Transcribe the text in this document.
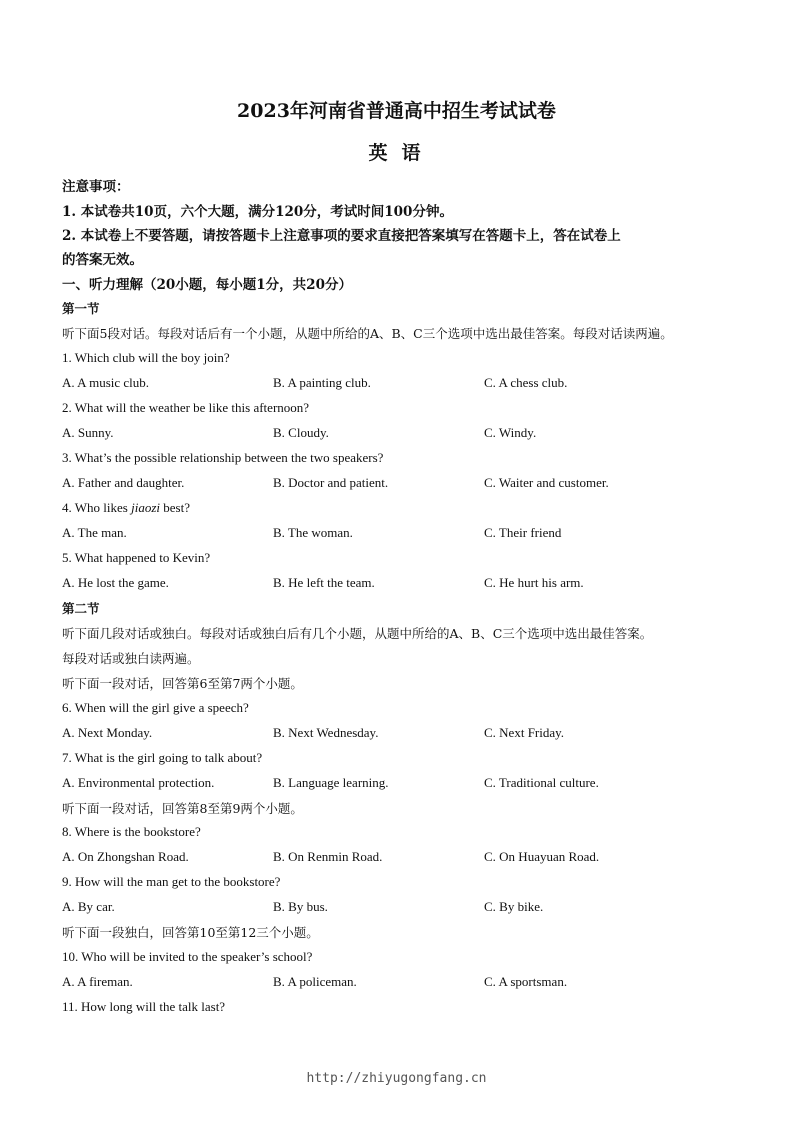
2023年河南省普通高中招生考试试卷
英语
注意事项：
1. 本试卷共10页，六个大题，满分120分，考试时间100分钟。
2. 本试卷上不要答题，请按答题卡上注意事项的要求直接把答案填写在答题卡上，答在试卷上
的答案无效。
一、听力理解（20小题，每小题1分，共20分）
第一节
听下面5段对话。每段对话后有一个小题，从题中所给的A、B、C三个选项中选出最佳答案。每段对话读两遍。
1. Which club will the boy join?
A. A music club.	B. A painting club.	C. A chess club.
2. What will the weather be like this afternoon?
A. Sunny.	B. Cloudy.	C. Windy.
3. What’s the possible relationship between the two speakers?
A. Father and daughter.	B. Doctor and patient.	C. Waiter and customer.
4. Who likes jiaozi best?
A. The man.	B. The woman.	C. Their friend
5. What happened to Kevin?
A. He lost the game.	B. He left the team.	C. He hurt his arm.
第二节
听下面几段对话或独白。每段对话或独白后有几个小题，从题中所给的A、B、C三个选项中选出最佳答案。
每段对话或独白读两遍。
听下面一段对话，回答第6至第7两个小题。
6. When will the girl give a speech?
A. Next Monday.	B. Next Wednesday.	C. Next Friday.
7. What is the girl going to talk about?
A. Environmental protection.	B. Language learning.	C. Traditional culture.
听下面一段对话，回答第8至第9两个小题。
8. Where is the bookstore?
A. On Zhongshan Road.	B. On Renmin Road.	C. On Huayuan Road.
9. How will the man get to the bookstore?
A. By car.	B. By bus.	C. By bike.
听下面一段独白，回答第10至第12三个小题。
10. Who will be invited to the speaker’s school?
A. A fireman.	B. A policeman.	C. A sportsman.
11. How long will the talk last?
http://zhiyugongfang.cn
